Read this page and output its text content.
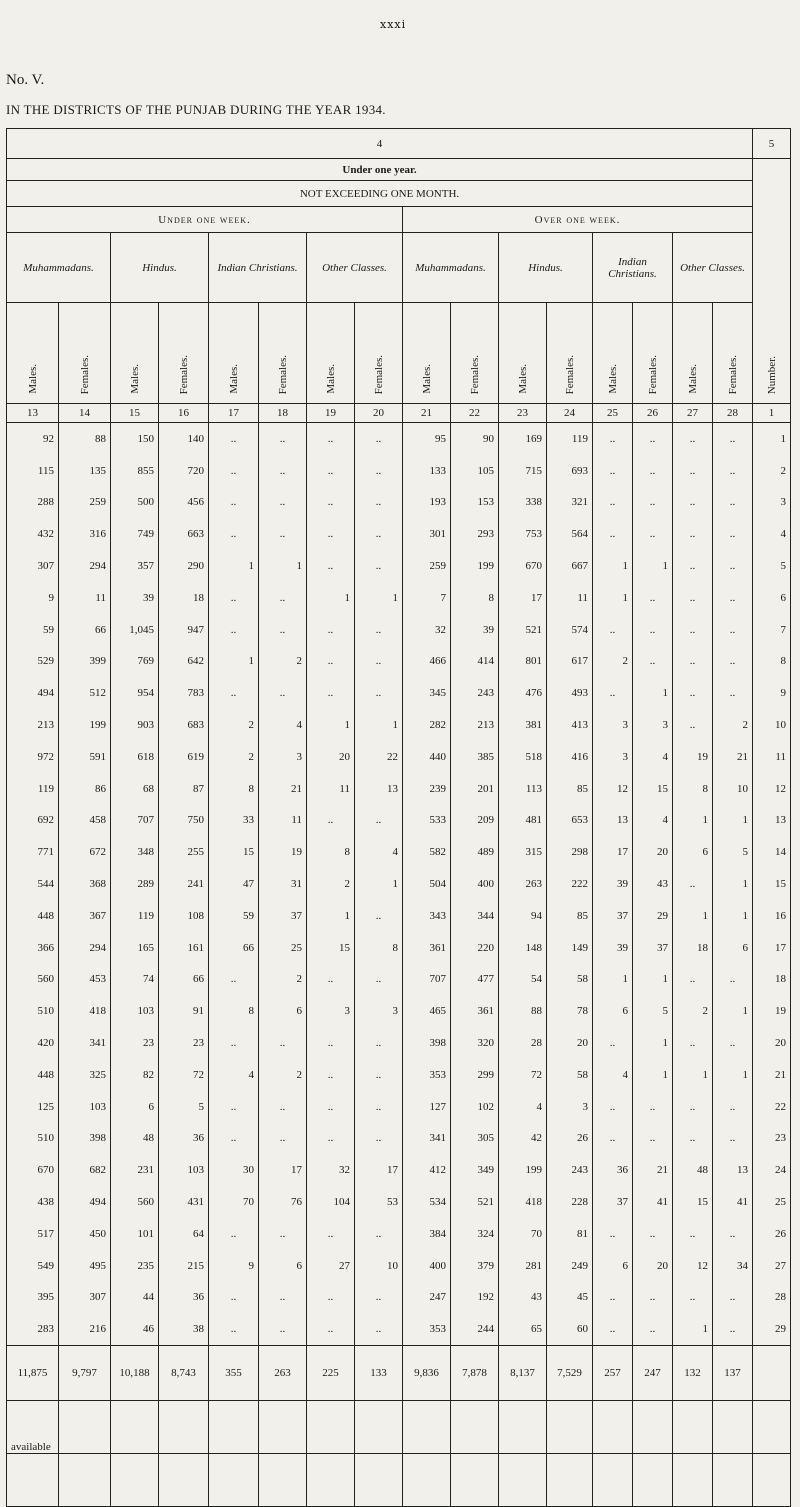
xxxi
No. V.
IN THE DISTRICTS OF THE PUNJAB DURING THE YEAR 1934.
4																5
Under one year.																Number.
NOT EXCEEDING ONE MONTH.																
Under one week.								Over one week.								
Muhammadans.		Hindus.		Indian Christians.		Other Classes.		Muhammadans.		Hindus.		Indian Christians.		Other Classes.		
Males.	Females.	Males.	Females.	Males.	Females.	Males.	Females.	Males.	Females.	Males.	Females.	Males.	Females.	Males.	Females.	
13	14	15	16	17	18	19	20	21	22	23	24	25	26	27	28	1
92	88	150	140	..	..	..	..	95	90	169	119	..	..	..	..	1
115	135	855	720	..	..	..	..	133	105	715	693	..	..	..	..	2
288	259	500	456	..	..	..	..	193	153	338	321	..	..	..	..	3
432	316	749	663	..	..	..	..	301	293	753	564	..	..	..	..	4
307	294	357	290	1	1	..	..	259	199	670	667	1	1	..	..	5
9	11	39	18	..	..	1	1	7	8	17	11	1	..	..	..	6
59	66	1,045	947	..	..	..	..	32	39	521	574	..	..	..	..	7
529	399	769	642	1	2	..	..	466	414	801	617	2	..	..	..	8
494	512	954	783	..	..	..	..	345	243	476	493	..	1	..	..	9
213	199	903	683	2	4	1	1	282	213	381	413	3	3	..	2	10
972	591	618	619	2	3	20	22	440	385	518	416	3	4	19	21	11
119	86	68	87	8	21	11	13	239	201	113	85	12	15	8	10	12
692	458	707	750	33	11	..	..	533	209	481	653	13	4	1	1	13
771	672	348	255	15	19	8	4	582	489	315	298	17	20	6	5	14
544	368	289	241	47	31	2	1	504	400	263	222	39	43	..	1	15
448	367	119	108	59	37	1	..	343	344	94	85	37	29	1	1	16
366	294	165	161	66	25	15	8	361	220	148	149	39	37	18	6	17
560	453	74	66	..	2	..	..	707	477	54	58	1	1	..	..	18
510	418	103	91	8	6	3	3	465	361	88	78	6	5	2	1	19
420	341	23	23	..	..	..	..	398	320	28	20	..	1	..	..	20
448	325	82	72	4	2	..	..	353	299	72	58	4	1	1	1	21
125	103	6	5	..	..	..	..	127	102	4	3	..	..	..	..	22
510	398	48	36	..	..	..	..	341	305	42	26	..	..	..	..	23
670	682	231	103	30	17	32	17	412	349	199	243	36	21	48	13	24
438	494	560	431	70	76	104	53	534	521	418	228	37	41	15	41	25
517	450	101	64	..	..	..	..	384	324	70	81	..	..	..	..	26
549	495	235	215	9	6	27	10	400	379	281	249	6	20	12	34	27
395	307	44	36	..	..	..	..	247	192	43	45	..	..	..	..	28
283	216	46	38	..	..	..	..	353	244	65	60	..	..	1	..	29
11,875	9,797	10,188	8,743	355	263	225	133	9,836	7,878	8,137	7,529	257	247	132	137	
available																
